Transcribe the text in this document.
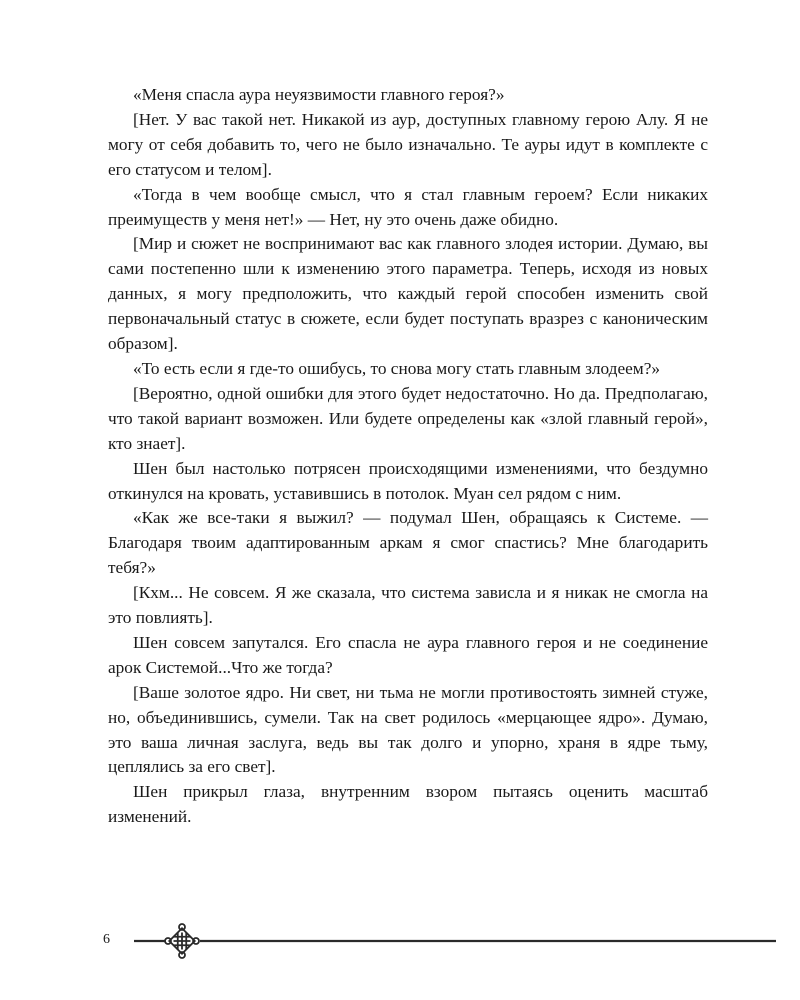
«Меня спасла аура неуязвимости главного героя?»

[Нет. У вас такой нет. Никакой из аур, доступных главному герою Алу. Я не могу от себя добавить то, чего не было изначально. Те ауры идут в комплекте с его статусом и телом].

«Тогда в чем вообще смысл, что я стал главным героем? Если никаких преимуществ у меня нет!» — Нет, ну это очень даже обидно.

[Мир и сюжет не воспринимают вас как главного злодея истории. Думаю, вы сами постепенно шли к изменению этого параметра. Теперь, исходя из новых данных, я могу предположить, что каждый герой способен изменить свой первоначальный статус в сюжете, если будет поступать вразрез с каноническим образом].

«То есть если я где-то ошибусь, то снова могу стать главным злодеем?»

[Вероятно, одной ошибки для этого будет недостаточно. Но да. Предполагаю, что такой вариант возможен. Или будете определены как «злой главный герой», кто знает].

Шен был настолько потрясен происходящими изменениями, что бездумно откинулся на кровать, уставившись в потолок. Муан сел рядом с ним.

«Как же все-таки я выжил? — подумал Шен, обращаясь к Системе. — Благодаря твоим адаптированным аркам я смог спастись? Мне благодарить тебя?»

[Кхм... Не совсем. Я же сказала, что система зависла и я никак не смогла на это повлиять].

Шен совсем запутался. Его спасла не аура главного героя и не соединение арок Системой...Что же тогда?

[Ваше золотое ядро. Ни свет, ни тьма не могли противостоять зимней стуже, но, объединившись, сумели. Так на свет родилось «мерцающее ядро». Думаю, это ваша личная заслуга, ведь вы так долго и упорно, храня в ядре тьму, цеплялись за его свет].

Шен прикрыл глаза, внутренним взором пытаясь оценить масштаб изменений.

6
